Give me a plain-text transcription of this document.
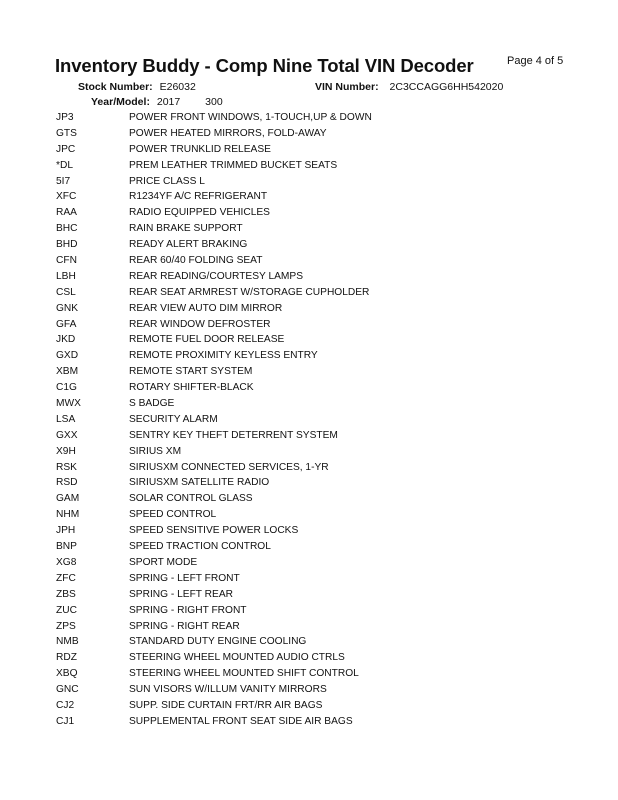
Inventory Buddy - Comp Nine Total VIN Decoder	Page 4 of 5
Stock Number: E26032	VIN Number: 2C3CCAGG6HH542020
Year/Model: 2017 300
JP3	POWER FRONT WINDOWS, 1-TOUCH,UP & DOWN
GTS	POWER HEATED MIRRORS, FOLD-AWAY
JPC	POWER TRUNKLID RELEASE
*DL	PREM LEATHER TRIMMED BUCKET SEATS
5I7	PRICE CLASS L
XFC	R1234YF A/C REFRIGERANT
RAA	RADIO EQUIPPED VEHICLES
BHC	RAIN BRAKE SUPPORT
BHD	READY ALERT BRAKING
CFN	REAR 60/40 FOLDING SEAT
LBH	REAR READING/COURTESY LAMPS
CSL	REAR SEAT ARMREST W/STORAGE CUPHOLDER
GNK	REAR VIEW AUTO DIM MIRROR
GFA	REAR WINDOW DEFROSTER
JKD	REMOTE FUEL DOOR RELEASE
GXD	REMOTE PROXIMITY KEYLESS ENTRY
XBM	REMOTE START SYSTEM
C1G	ROTARY SHIFTER-BLACK
MWX	S BADGE
LSA	SECURITY ALARM
GXX	SENTRY KEY THEFT DETERRENT SYSTEM
X9H	SIRIUS XM
RSK	SIRIUSXM CONNECTED SERVICES, 1-YR
RSD	SIRIUSXM SATELLITE RADIO
GAM	SOLAR CONTROL GLASS
NHM	SPEED CONTROL
JPH	SPEED SENSITIVE POWER LOCKS
BNP	SPEED TRACTION CONTROL
XG8	SPORT MODE
ZFC	SPRING - LEFT FRONT
ZBS	SPRING - LEFT REAR
ZUC	SPRING - RIGHT FRONT
ZPS	SPRING - RIGHT REAR
NMB	STANDARD DUTY ENGINE COOLING
RDZ	STEERING WHEEL MOUNTED AUDIO CTRLS
XBQ	STEERING WHEEL MOUNTED SHIFT CONTROL
GNC	SUN VISORS W/ILLUM VANITY MIRRORS
CJ2	SUPP. SIDE CURTAIN FRT/RR AIR BAGS
CJ1	SUPPLEMENTAL FRONT SEAT SIDE AIR BAGS
